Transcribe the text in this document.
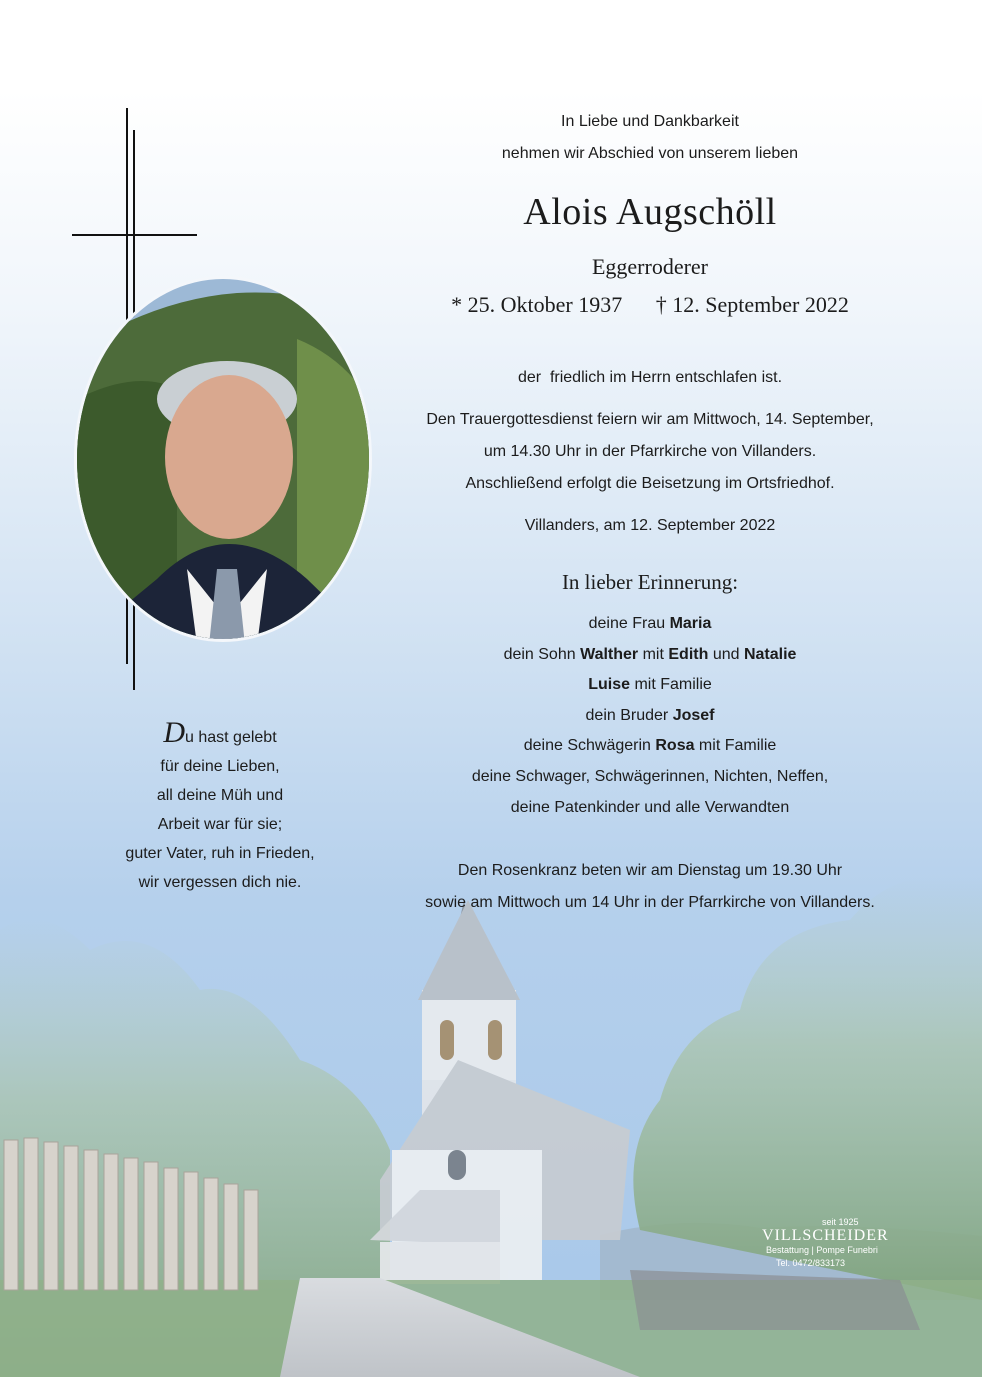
In Liebe und Dankbarkeit
nehmen wir Abschied von unserem lieben
Alois Augschöll
Eggerroderer
* 25. Oktober 1937 † 12. September 2022

der  friedlich im Herrn entschlafen ist.

Den Trauergottesdienst feiern wir am Mittwoch, 14. September,
um 14.30 Uhr in der Pfarrkirche von Villanders.

Anschließend erfolgt die Beisetzung im Ortsfriedhof.

Villanders, am 12. September 2022
In lieber Erinnerung:
deine Frau Maria
dein Sohn Walther mit Edith und Natalie
Luise mit Familie
dein Bruder Josef
deine Schwägerin Rosa mit Familie
deine Schwager, Schwägerinnen, Nichten, Neffen,
deine Patenkinder und alle Verwandten
Den Rosenkranz beten wir am Dienstag um 19.30 Uhr
sowie am Mittwoch um 14 Uhr in der Pfarrkirche von Villanders.
Du hast gelebt
für deine Lieben,
all deine Müh und
Arbeit war für sie;
guter Vater, ruh in Frieden,
wir vergessen dich nie.
seit 1925
VILLSCHEIDER
Bestattung | Pompe Funebri
Tel. 0472/833173
